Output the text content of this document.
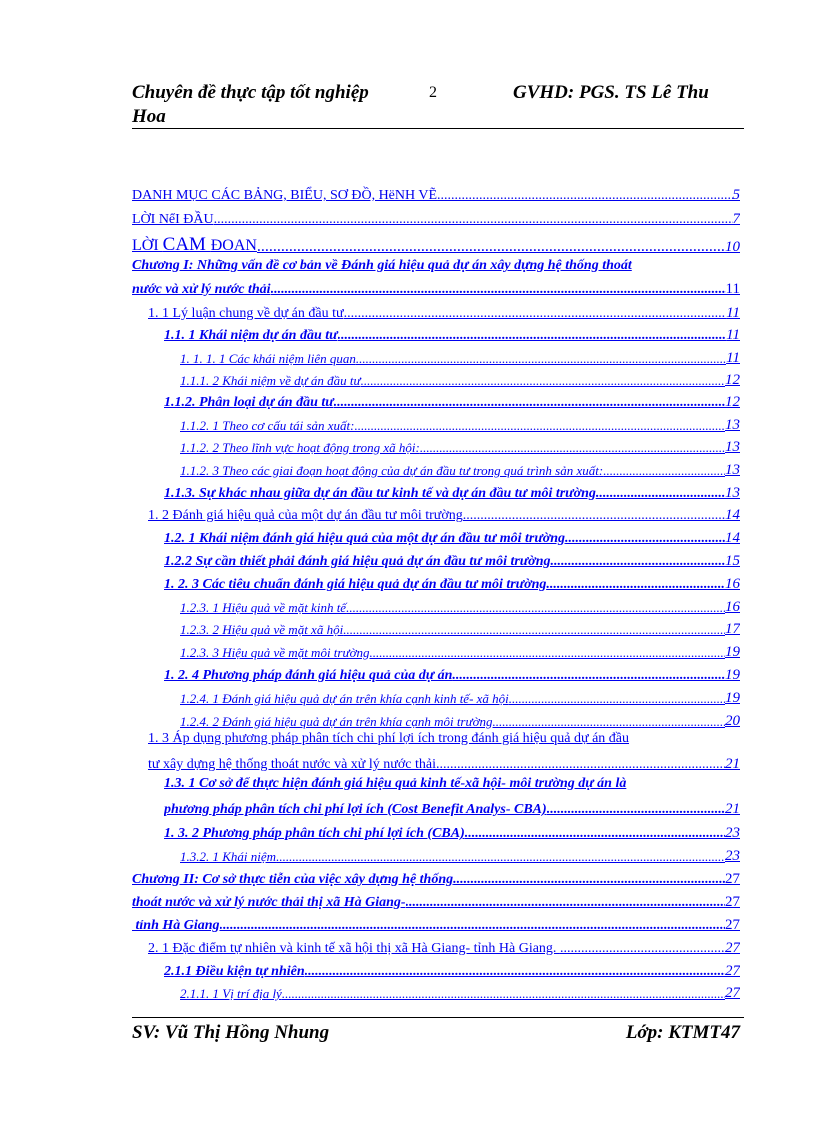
Chuyên đề thực tập tốt nghiệp	2	GVHD: PGS. TS Lê Thu
Hoa
DANH MỤC CÁC BẢNG, BIỂU, SƠ ĐỒ, HëNH VẼ .....	5
LỜI NểI ĐẦU .....	7
LỜI CAM ĐOAN .....	10
Chương I: Những vấn đề cơ bản về Đánh giá hiệu quả dự án xây dựng hệ thống thoát
nước và xử lý nước thải .....	11
1. 1 Lý luận chung về dự án đầu tư .....	11
1.1. 1 Khái niệm dự án đầu tư .....	11
1. 1. 1. 1 Các khái niệm liên quan .....	11
1.1.1. 2 Khái niệm về dự án đầu tư .....	12
1.1.2. Phân loại dự án đầu tư .....	12
1.1.2. 1 Theo cơ cấu tái sản xuất: .....	13
1.1.2. 2 Theo lĩnh vực hoạt động trong xã hội: .....	13
1.1.2. 3 Theo các giai đoạn hoạt động của dự án đầu tư trong quá trình sản xuất: .....	13
1.1.3. Sự khác nhau giữa dự án đầu tư kinh tế và dự án đầu tư môi trường .....	13
1. 2 Đánh giá hiệu quả của một dự án đầu tư môi trường .....	14
1.2. 1 Khái niệm đánh giá hiệu quả của một dự án đầu tư môi trường .....	14
1.2.2 Sự cần thiết phải đánh giá hiệu quả dự án đầu tư môi trường .....	15
1. 2. 3 Các tiêu chuẩn đánh giá hiệu quả dự án đầu tư môi trường .....	16
1.2.3. 1 Hiệu quả về mặt kinh tế .....	16
1.2.3. 2 Hiệu quả về mặt xã hội .....	17
1.2.3. 3 Hiệu quả về mặt môi trường .....	19
1. 2. 4 Phương pháp đánh giá hiệu quả của dự án .....	19
1.2.4. 1 Đánh giá hiệu quả dự án trên khía cạnh kinh tế- xã hội .....	19
1.2.4. 2 Đánh giá hiệu quả dự án trên khía cạnh môi trường .....	20
1. 3 Áp dụng phương pháp phân tích chi phí lợi ích trong đánh giá hiệu quả dự án đầu
tư xây dựng hệ thống thoát nước và xử lý nước thải. .....	21
1.3. 1 Cơ sở để thực hiện đánh giá hiệu quả kinh tế-xã hội- môi trường dự án là
phương pháp phân tích chi phí lợi ích (Cost Benefit Analys- CBA) .....	21
1. 3. 2 Phương pháp phân tích chi phí lợi ích (CBA) .....	23
1.3.2. 1 Khái niệm .....	23
Chương II: Cơ sở thực tiễn của việc xây dựng hệ thống .....	27
thoát nước và xử lý nước thải thị xã Hà Giang- .....	27
tỉnh Hà Giang .....	27
2. 1 Đặc điểm tự nhiên và kinh tế xã hội thị xã Hà Giang- tỉnh Hà Giang. .....	27
2.1.1 Điều kiện tự nhiên .....	27
2.1.1. 1 Vị trí địa lý .....	27
SV: Vũ Thị Hồng Nhung	Lớp: KTMT47
